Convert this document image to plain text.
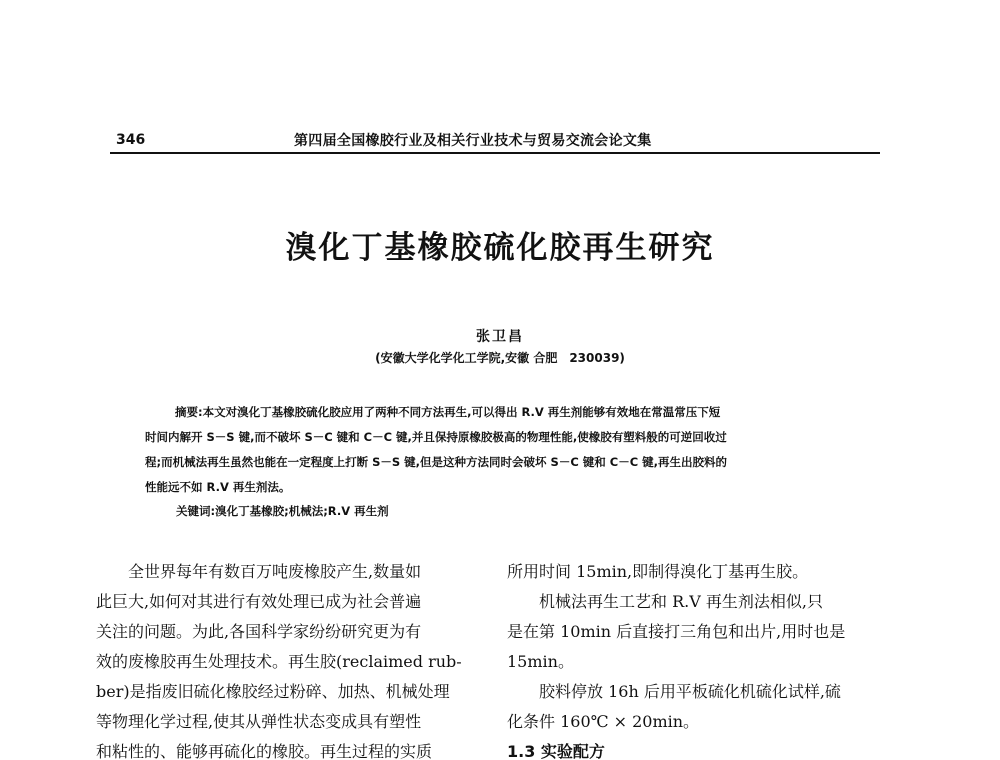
346	第四届全国橡胶行业及相关行业技术与贸易交流会论文集
溴化丁基橡胶硫化胶再生研究
张卫昌
(安徽大学化学化工学院,安徽 合肥　230039)
摘要:本文对溴化丁基橡胶硫化胶应用了两种不同方法再生,可以得出 R.V 再生剂能够有效地在常温常压下短
时间内解开 S－S 键,而不破坏 S－C 键和 C－C 键,并且保持原橡胶极高的物理性能,使橡胶有塑料般的可逆回收过
程;而机械法再生虽然也能在一定程度上打断 S－S 键,但是这种方法同时会破坏 S－C 键和 C－C 键,再生出胶料的
性能远不如 R.V 再生剂法。
关键词:溴化丁基橡胶;机械法;R.V 再生剂
全世界每年有数百万吨废橡胶产生,数量如
此巨大,如何对其进行有效处理已成为社会普遍
关注的问题。为此,各国科学家纷纷研究更为有
效的废橡胶再生处理技术。再生胶(reclaimed rub-
ber)是指废旧硫化橡胶经过粉碎、加热、机械处理
等物理化学过程,使其从弹性状态变成具有塑性
和粘性的、能够再硫化的橡胶。再生过程的实质
所用时间 15min,即制得溴化丁基再生胶。
机械法再生工艺和 R.V 再生剂法相似,只
是在第 10min 后直接打三角包和出片,用时也是
15min。
胶料停放 16h 后用平板硫化机硫化试样,硫
化条件 160℃ × 20min。
1.3 实验配方
